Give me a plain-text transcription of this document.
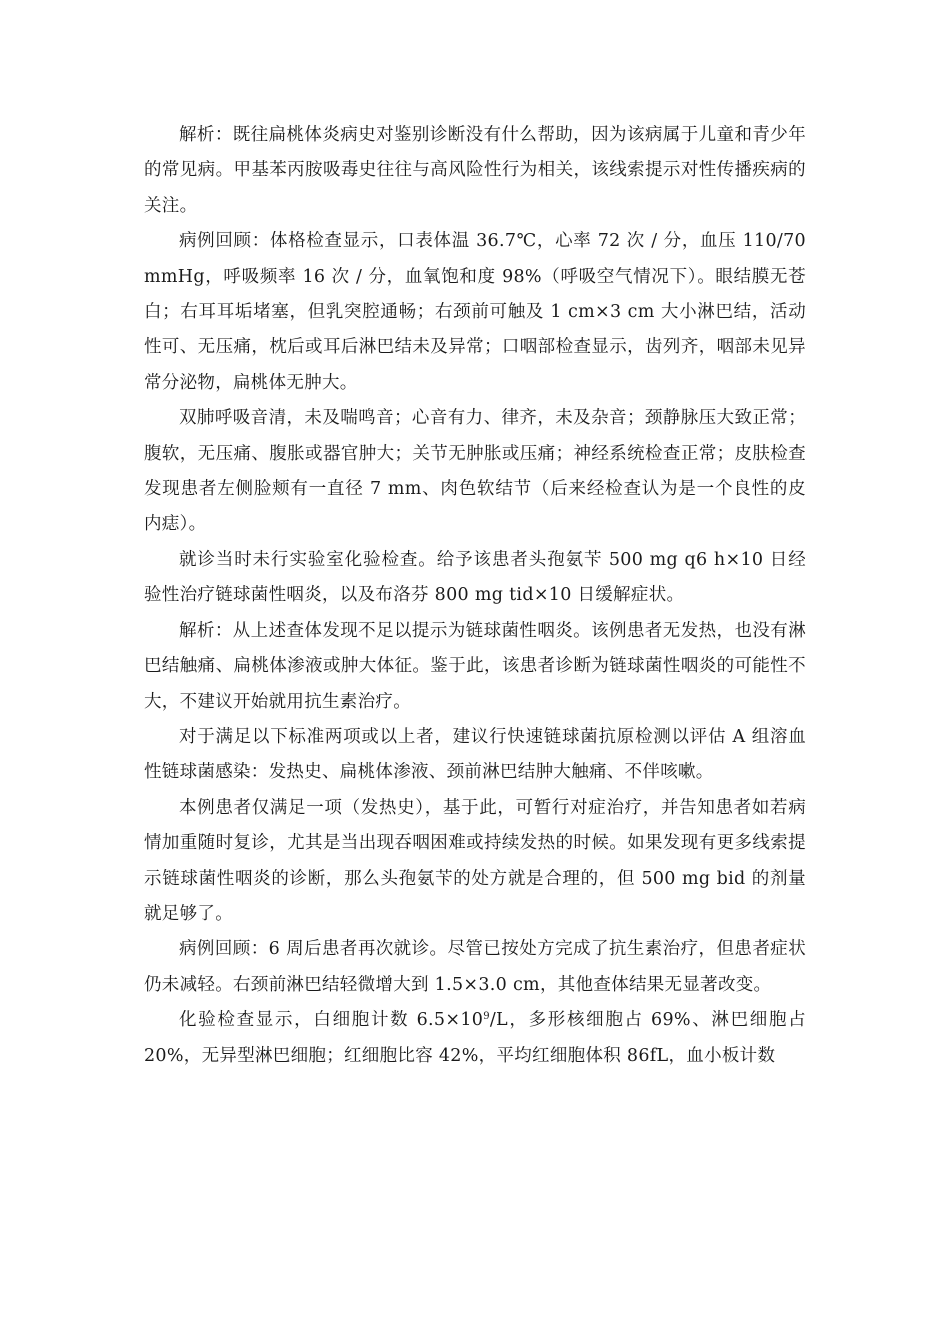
解析：既往扁桃体炎病史对鉴别诊断没有什么帮助，因为该病属于儿童和青少年的常见病。甲基苯丙胺吸毒史往往与高风险性行为相关，该线索提示对性传播疾病的关注。

病例回顾：体格检查显示，口表体温 36.7℃，心率 72 次 / 分，血压 110/70 mmHg，呼吸频率 16 次 / 分，血氧饱和度 98%（呼吸空气情况下）。眼结膜无苍白；右耳耳垢堵塞，但乳突腔通畅；右颈前可触及 1 cm×3 cm 大小淋巴结，活动性可、无压痛，枕后或耳后淋巴结未及异常；口咽部检查显示，齿列齐，咽部未见异常分泌物，扁桃体无肿大。

双肺呼吸音清，未及喘鸣音；心音有力、律齐，未及杂音；颈静脉压大致正常；腹软，无压痛、腹胀或器官肿大；关节无肿胀或压痛；神经系统检查正常；皮肤检查发现患者左侧脸颊有一直径 7 mm、肉色软结节（后来经检查认为是一个良性的皮内痣）。

就诊当时未行实验室化验检查。给予该患者头孢氨苄 500 mg q6 h×10 日经验性治疗链球菌性咽炎，以及布洛芬 800 mg tid×10 日缓解症状。

解析：从上述查体发现不足以提示为链球菌性咽炎。该例患者无发热，也没有淋巴结触痛、扁桃体渗液或肿大体征。鉴于此，该患者诊断为链球菌性咽炎的可能性不大，不建议开始就用抗生素治疗。

对于满足以下标准两项或以上者，建议行快速链球菌抗原检测以评估 A 组溶血性链球菌感染：发热史、扁桃体渗液、颈前淋巴结肿大触痛、不伴咳嗽。

本例患者仅满足一项（发热史），基于此，可暂行对症治疗，并告知患者如若病情加重随时复诊，尤其是当出现吞咽困难或持续发热的时候。如果发现有更多线索提示链球菌性咽炎的诊断，那么头孢氨苄的处方就是合理的，但 500 mg bid 的剂量就足够了。

病例回顾：6 周后患者再次就诊。尽管已按处方完成了抗生素治疗，但患者症状仍未减轻。右颈前淋巴结轻微增大到 1.5×3.0 cm，其他查体结果无显著改变。

化验检查显示，白细胞计数 $6.5\times 10^9/L$，多形核细胞占 69%、淋巴细胞占 20%，无异型淋巴细胞；红细胞比容 42%，平均红细胞体积 86fL，血小板计数
